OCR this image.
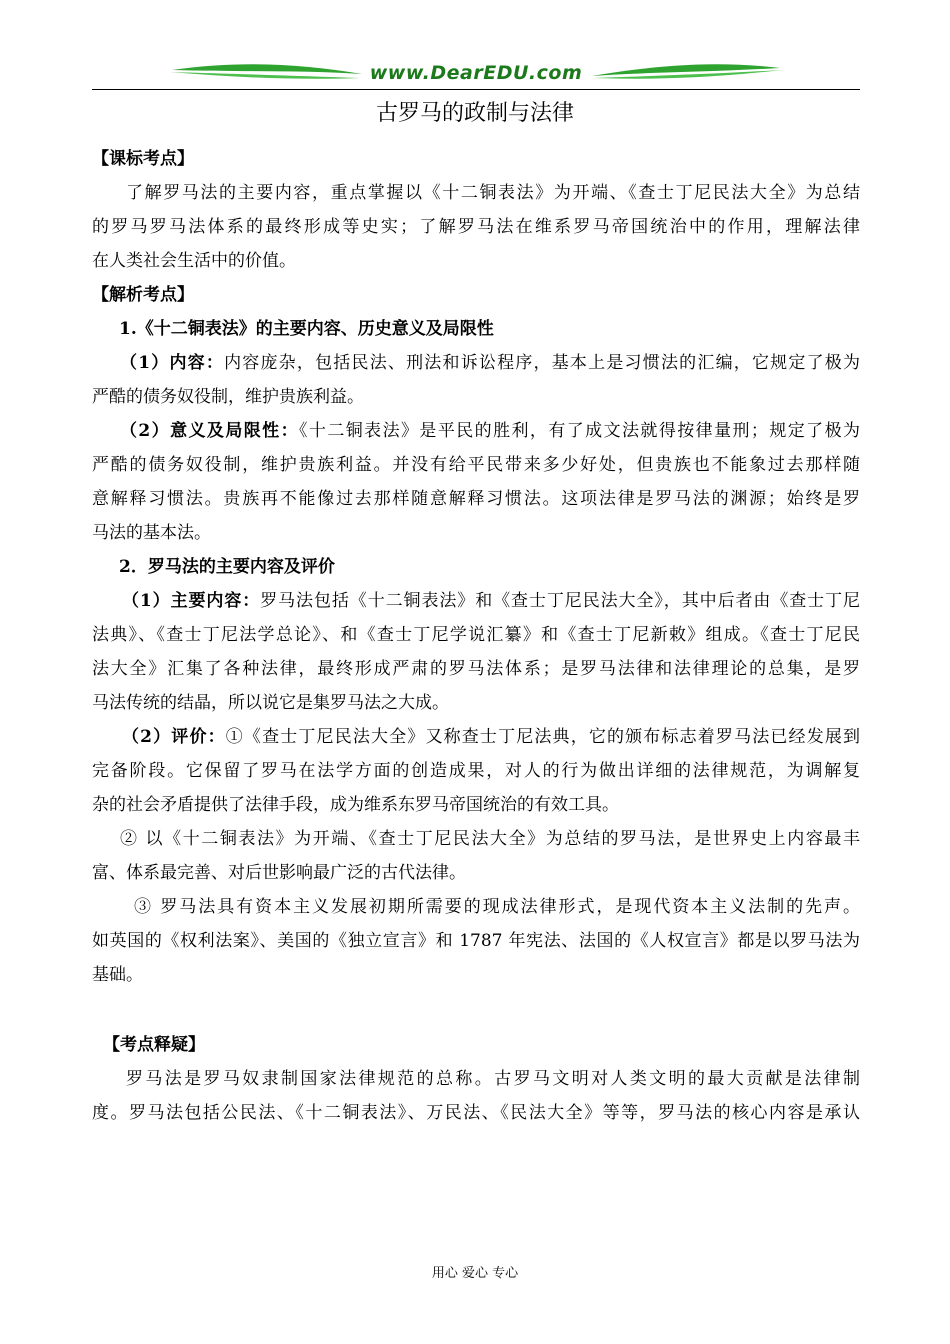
www.DearEDU.com
古罗马的政制与法律
【课标考点】
了解罗马法的主要内容，重点掌握以《十二铜表法》为开端、《查士丁尼民法大全》为总结
的罗马罗马法体系的最终形成等史实；了解罗马法在维系罗马帝国统治中的作用，理解法律
在人类社会生活中的价值。
【解析考点】
1.《十二铜表法》的主要内容、历史意义及局限性
（1）内容：内容庞杂，包括民法、刑法和诉讼程序，基本上是习惯法的汇编，它规定了极为
严酷的债务奴役制，维护贵族利益。
（2）意义及局限性：《十二铜表法》是平民的胜利，有了成文法就得按律量刑；规定了极为
严酷的债务奴役制，维护贵族利益。并没有给平民带来多少好处，但贵族也不能象过去那样随
意解释习惯法。贵族再不能像过去那样随意解释习惯法。这项法律是罗马法的渊源；始终是罗
马法的基本法。
2．罗马法的主要内容及评价
（1）主要内容：罗马法包括《十二铜表法》和《查士丁尼民法大全》，其中后者由《查士丁尼
法典》、《查士丁尼法学总论》、和《查士丁尼学说汇纂》和《查士丁尼新敕》组成。《查士丁尼民
法大全》汇集了各种法律，最终形成严肃的罗马法体系；是罗马法律和法律理论的总集，是罗
马法传统的结晶，所以说它是集罗马法之大成。
（2）评价：①《查士丁尼民法大全》又称查士丁尼法典，它的颁布标志着罗马法已经发展到
完备阶段。它保留了罗马在法学方面的创造成果，对人的行为做出详细的法律规范，为调解复
杂的社会矛盾提供了法律手段，成为维系东罗马帝国统治的有效工具。
② 以《十二铜表法》为开端、《查士丁尼民法大全》为总结的罗马法，是世界史上内容最丰
富、体系最完善、对后世影响最广泛的古代法律。
③ 罗马法具有资本主义发展初期所需要的现成法律形式，是现代资本主义法制的先声。
如英国的《权利法案》、美国的《独立宣言》和 1787 年宪法、法国的《人权宣言》都是以罗马法为
基础。
【考点释疑】
罗马法是罗马奴隶制国家法律规范的总称。古罗马文明对人类文明的最大贡献是法律制
度。罗马法包括公民法、《十二铜表法》、万民法、《民法大全》等等，罗马法的核心内容是承认
用心 爱心 专心
